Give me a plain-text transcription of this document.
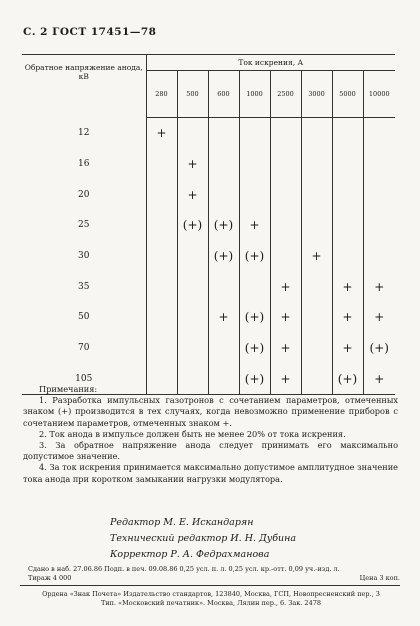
С. 2 ГОСТ 17451—78
Обратное напряжение анода, кВ	Ток искрения, А							
	280	500	600	1000	2500	3000	5000	10000
12	+							
16		+						
20		+						
25		(+)	(+)	+				
30			(+)	(+)		+		
35					+		+	+
50			+	(+)	+		+	+
70				(+)	+		+	(+)
105				(+)	+		(+)	+

Примечания:

1. Разработка импульсных газотронов с сочетанием параметров, отмеченных знаком (+) производится в тех случаях, когда невозможно применение приборов с сочетанием параметров, отмеченных знаком +.

2. Ток анода в импульсе должен быть не менее 20% от тока искрения.

3. За обратное напряжение анода следует принимать его максимально допустимое значение.

4. За ток искрения принимается максимально допустимое амплитудное значение тока анода при коротком замыкании нагрузки модулятора.

Редактор М. Е. Искандарян
Технический редактор И. Н. Дубина
Корректор Р. А. Федрахманова
Сдано в наб. 27.06.86 Подп. в печ. 09.08.86 0,25 усл. п. л. 0,25 усл. кр.-отт. 0,09 уч.-изд. л.
Тираж 4 000	Цена 3 коп.
Ордена «Знак Почета» Издательство стандартов, 123840, Москва, ГСП, Новопресненский пер., 3
Тип. «Московский печатник». Москва, Лялин пер., 6. Зак. 2478
